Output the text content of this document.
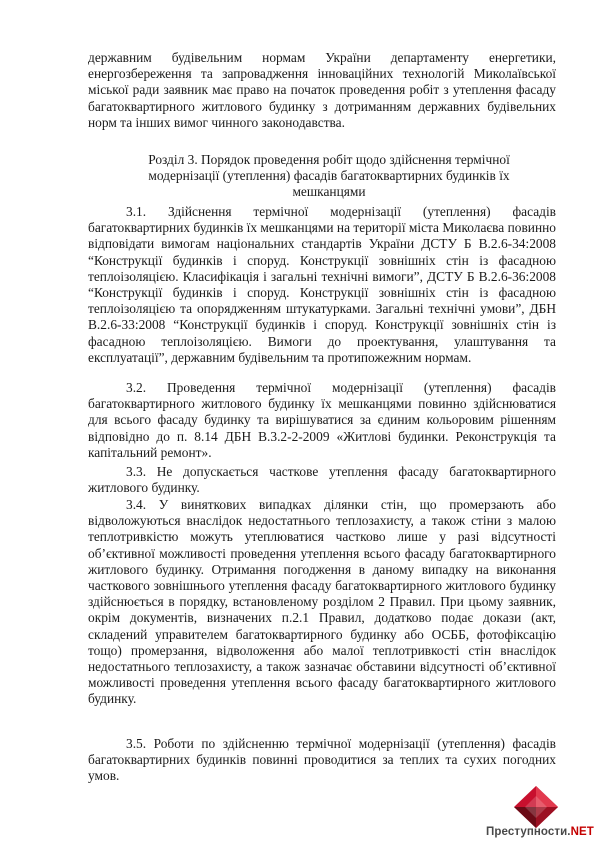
державним будівельним нормам України департаменту енергетики, енергозбереження та запровадження інноваційних технологій Миколаївської міської ради заявник має право на початок проведення робіт з утеплення фасаду багатоквартирного житлового будинку з дотриманням державних будівельних норм та інших вимог чинного законодавства.

Розділ 3. Порядок проведення робіт щодо здійснення термічної модернізації (утеплення) фасадів багатоквартирних будинків їх мешканцями

3.1. Здійснення термічної модернізації (утеплення) фасадів багатоквартирних будинків їх мешканцями на території міста Миколаєва повинно відповідати вимогам національних стандартів України ДСТУ Б В.2.6-34:2008 “Конструкції будинків і споруд. Конструкції зовнішніх стін із фасадною теплоізоляцією. Класифікація і загальні технічні вимоги”, ДСТУ Б В.2.6-36:2008 “Конструкції будинків і споруд. Конструкції зовнішніх стін із фасадною теплоізоляцією та опорядженням штукатурками. Загальні технічні умови”, ДБН В.2.6-33:2008 “Конструкції будинків і споруд. Конструкції зовнішніх стін із фасадною теплоізоляцією. Вимоги до проектування, улаштування та експлуатації”, державним будівельним та протипожежним нормам.

3.2. Проведення термічної модернізації (утеплення) фасадів багатоквартирного житлового будинку їх мешканцями повинно здійснюватися для всього фасаду будинку та вирішуватися за єдиним кольоровим рішенням відповідно до п. 8.14 ДБН В.3.2-2-2009 «Житлові будинки. Реконструкція та капітальний ремонт».

3.3. Не допускається часткове утеплення фасаду багатоквартирного житлового будинку.

3.4. У виняткових випадках ділянки стін, що промерзають або відволожуються внаслідок недостатнього теплозахисту, а також стіни з малою теплотривкістю можуть утеплюватися частково лише у разі відсутності об’єктивної можливості проведення утеплення всього фасаду багатоквартирного житлового будинку. Отримання погодження в даному випадку на виконання часткового зовнішнього утеплення фасаду багатоквартирного житлового будинку здійснюється в порядку, встановленому розділом 2 Правил. При цьому заявник, окрім документів, визначених п.2.1 Правил, додатково подає докази (акт, складений управителем багатоквартирного будинку або ОСББ, фотофіксацію тощо) промерзання, відволоження або малої теплотривкості стін внаслідок недостатнього теплозахисту, а також зазначає обставини відсутності об’єктивної можливості проведення утеплення всього фасаду багатоквартирного житлового будинку.

3.5. Роботи по здійсненню термічної модернізації (утеплення) фасадів багатоквартирних будинків повинні проводитися за теплих та сухих погодних умов.

Преступности.NET
